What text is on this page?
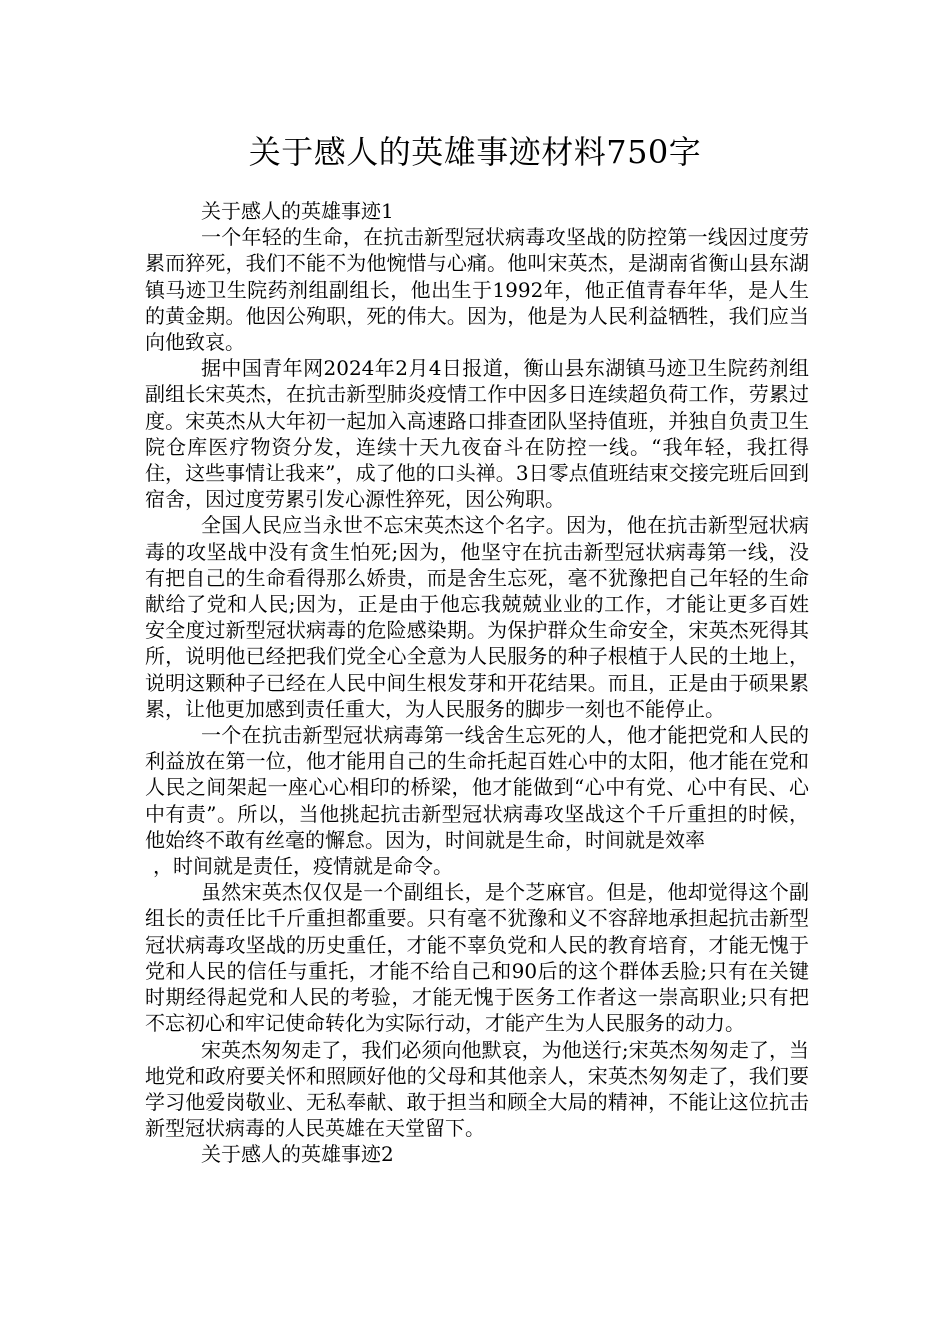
关于感人的英雄事迹材料750字

关于感人的英雄事迹1

一个年轻的生命，在抗击新型冠状病毒攻坚战的防控第一线因过度劳累而猝死，我们不能不为他惋惜与心痛。他叫宋英杰，是湖南省衡山县东湖镇马迹卫生院药剂组副组长，他出生于1992年，他正值青春年华，是人生的黄金期。他因公殉职，死的伟大。因为，他是为人民利益牺牲，我们应当向他致哀。

据中国青年网2024年2月4日报道，衡山县东湖镇马迹卫生院药剂组副组长宋英杰，在抗击新型肺炎疫情工作中因多日连续超负荷工作，劳累过度。宋英杰从大年初一起加入高速路口排查团队坚持值班，并独自负责卫生院仓库医疗物资分发，连续十天九夜奋斗在防控一线。“我年轻，我扛得住，这些事情让我来”，成了他的口头禅。3日零点值班结束交接完班后回到宿舍，因过度劳累引发心源性猝死，因公殉职。

全国人民应当永世不忘宋英杰这个名字。因为，他在抗击新型冠状病毒的攻坚战中没有贪生怕死;因为，他坚守在抗击新型冠状病毒第一线，没有把自己的生命看得那么娇贵，而是舍生忘死，毫不犹豫把自己年轻的生命献给了党和人民;因为，正是由于他忘我兢兢业业的工作，才能让更多百姓安全度过新型冠状病毒的危险感染期。为保护群众生命安全，宋英杰死得其所，说明他已经把我们党全心全意为人民服务的种子根植于人民的土地上，说明这颗种子已经在人民中间生根发芽和开花结果。而且，正是由于硕果累累，让他更加感到责任重大，为人民服务的脚步一刻也不能停止。

一个在抗击新型冠状病毒第一线舍生忘死的人，他才能把党和人民的利益放在第一位，他才能用自己的生命托起百姓心中的太阳，他才能在党和人民之间架起一座心心相印的桥梁，他才能做到“心中有党、心中有民、心中有责”。所以，当他挑起抗击新型冠状病毒攻坚战这个千斤重担的时候，他始终不敢有丝毫的懈怠。因为，时间就是生命，时间就是效率

，时间就是责任，疫情就是命令。

虽然宋英杰仅仅是一个副组长，是个芝麻官。但是，他却觉得这个副组长的责任比千斤重担都重要。只有毫不犹豫和义不容辞地承担起抗击新型冠状病毒攻坚战的历史重任，才能不辜负党和人民的教育培育，才能无愧于党和人民的信任与重托，才能不给自己和90后的这个群体丢脸;只有在关键时期经得起党和人民的考验，才能无愧于医务工作者这一崇高职业;只有把不忘初心和牢记使命转化为实际行动，才能产生为人民服务的动力。

宋英杰匆匆走了，我们必须向他默哀，为他送行;宋英杰匆匆走了，当地党和政府要关怀和照顾好他的父母和其他亲人，宋英杰匆匆走了，我们要学习他爱岗敬业、无私奉献、敢于担当和顾全大局的精神，不能让这位抗击新型冠状病毒的人民英雄在天堂留下。

关于感人的英雄事迹2
